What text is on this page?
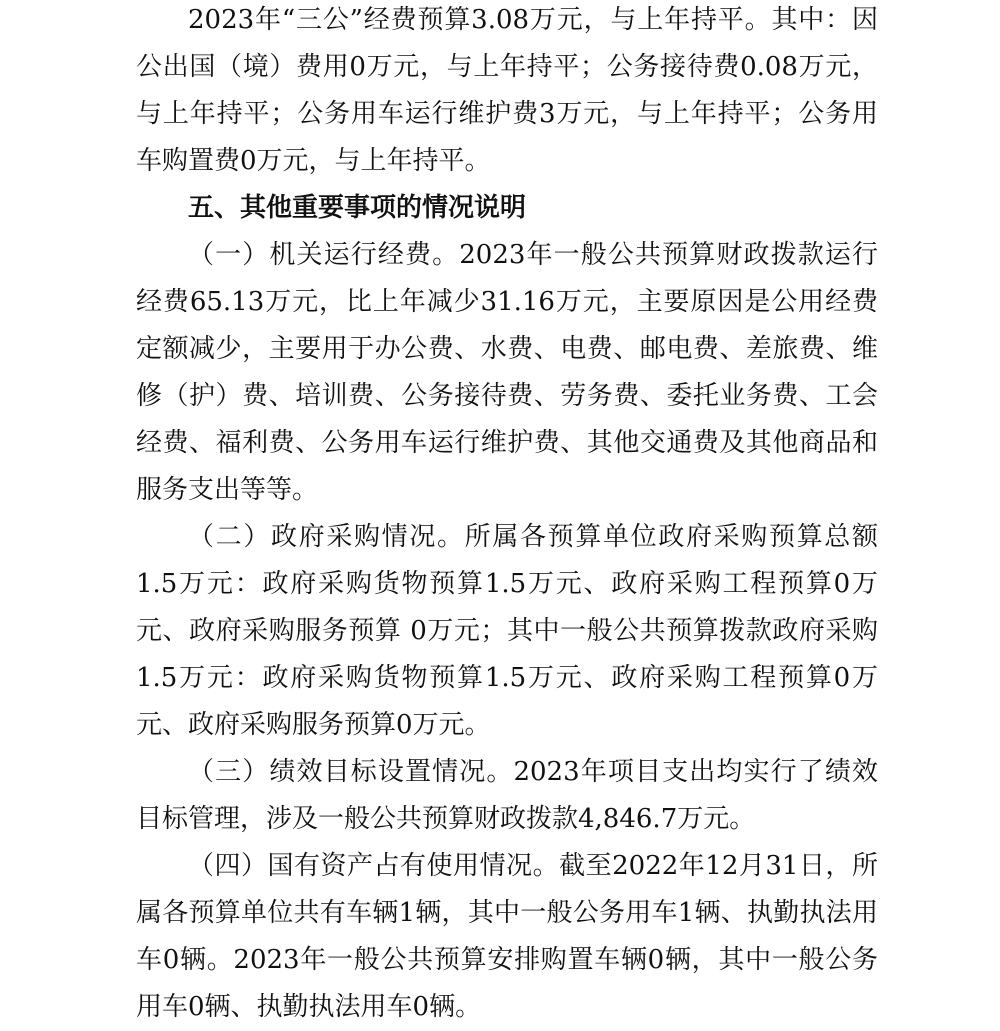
2023年“三公”经费预算3.08万元，与上年持平。其中：因公出国（境）费用0万元，与上年持平；公务接待费0.08万元，与上年持平；公务用车运行维护费3万元，与上年持平；公务用车购置费0万元，与上年持平。

五、其他重要事项的情况说明

（一）机关运行经费。2023年一般公共预算财政拨款运行经费65.13万元，比上年减少31.16万元，主要原因是公用经费定额减少，主要用于办公费、水费、电费、邮电费、差旅费、维修（护）费、培训费、公务接待费、劳务费、委托业务费、工会经费、福利费、公务用车运行维护费、其他交通费及其他商品和服务支出等等。

（二）政府采购情况。所属各预算单位政府采购预算总额1.5万元：政府采购货物预算1.5万元、政府采购工程预算0万元、政府采购服务预算 0万元；其中一般公共预算拨款政府采购 1.5万元：政府采购货物预算1.5万元、政府采购工程预算0万元、政府采购服务预算0万元。

（三）绩效目标设置情况。2023年项目支出均实行了绩效目标管理，涉及一般公共预算财政拨款4,846.7万元。

（四）国有资产占有使用情况。截至2022年12月31日，所属各预算单位共有车辆1辆，其中一般公务用车1辆、执勤执法用车0辆。2023年一般公共预算安排购置车辆0辆，其中一般公务用车0辆、执勤执法用车0辆。
